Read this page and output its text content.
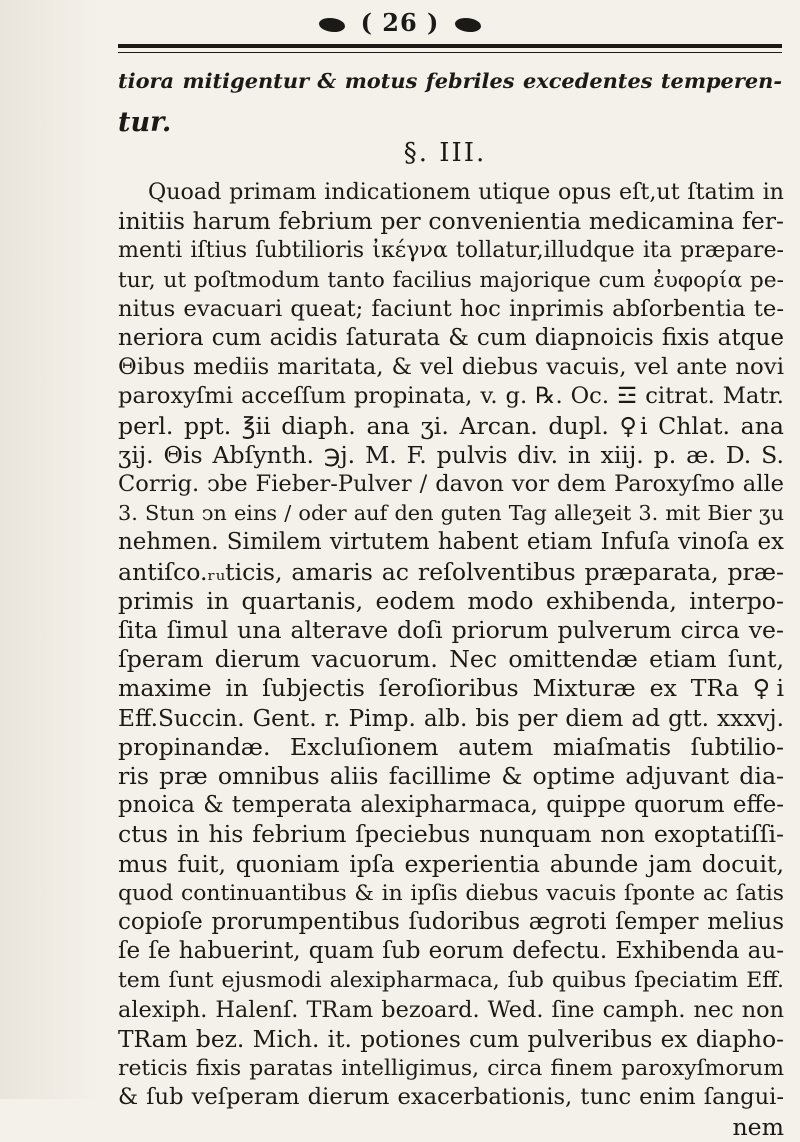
( 26 )
tiora mitigentur & motus febriles excedentes temperen-
tur.
§. III.
Quoad primam indicationem utique opus eſt,ut ſtatim in
initiis harum febrium per convenientia medicamina fer-
menti iſtius ſubtilioris ἰκέγνα tollatur,illudque ita præpare-
tur, ut poſtmodum tanto facilius majorique cum ἐυφορία pe-
nitus evacuari queat; faciunt hoc inprimis abſorbentia te-
neriora cum acidis ſaturata & cum diapnoicis fixis atque
Θibus mediis maritata, & vel diebus vacuis, vel ante novi
paroxyſmi acceſſum propinata, v. g. ℞. Oc. ☲ citrat. Matr.
perl. ppt. ℥ii diaph. ana ʒi. Arcan. dupl. ♀i Chlat. ana
ʒij. Θis Abſynth. ℈j. M. F. pulvis div. in xiij. p. æ. D. S.
Corrig. ↄbe Fieber-Pulver / davon vor dem Paroxyſmo alle
3. Stun ↄn eins / oder auf den guten Tag alleʒeit 3. mit Bier ʒu
nehmen. Similem virtutem habent etiam Infuſa vinoſa ex
antiſco.ᵣᵤticis, amaris ac reſolventibus præparata, præ-
primis in quartanis, eodem modo exhibenda, interpo-
ſita ſimul una alterave doſi priorum pulverum circa ve-
ſperam dierum vacuorum. Nec omittendæ etiam ſunt,
maxime in ſubjectis ſeroſioribus Mixturæ ex TRa ♀i
Eff.Succin. Gent. r. Pimp. alb. bis per diem ad gtt. xxxvj.
propinandæ. Excluſionem autem miaſmatis ſubtilio-
ris præ omnibus aliis facillime & optime adjuvant dia-
pnoica & temperata alexipharmaca, quippe quorum effe-
ctus in his febrium ſpeciebus nunquam non exoptatiſſi-
mus fuit, quoniam ipſa experientia abunde jam docuit,
quod continuantibus & in ipſis diebus vacuis ſponte ac ſatis
copioſe prorumpentibus ſudoribus ægroti ſemper melius
ſe ſe habuerint, quam ſub eorum defectu. Exhibenda au-
tem ſunt ejusmodi alexipharmaca, ſub quibus ſpeciatim Eff.
alexiph. Halenſ. TRam bezoard. Wed. ſine camph. nec non
TRam bez. Mich. it. potiones cum pulveribus ex diapho-
reticis fixis paratas intelligimus, circa finem paroxyſmorum
& ſub veſperam dierum exacerbationis, tunc enim ſangui-
nem
